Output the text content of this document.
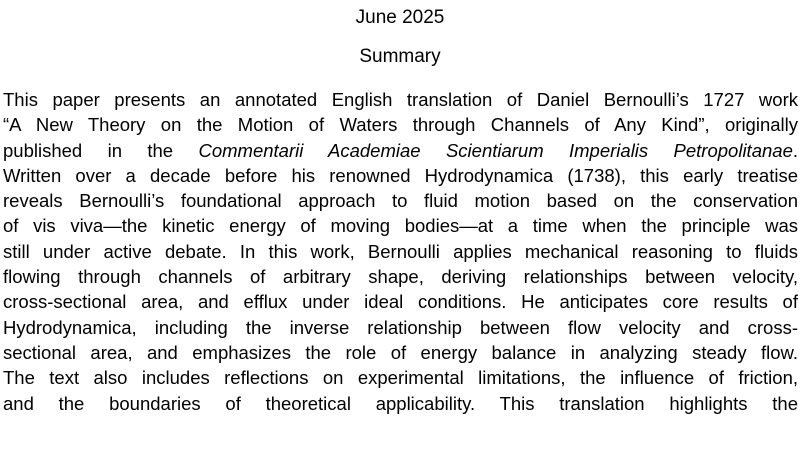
June 2025
Summary
This paper presents an annotated English translation of Daniel Bernoulli’s 1727 work
“A New Theory on the Motion of Waters through Channels of Any Kind”, originally
published in the Commentarii Academiae Scientiarum Imperialis Petropolitanae.
Written over a decade before his renowned Hydrodynamica (1738), this early treatise
reveals Bernoulli’s foundational approach to fluid motion based on the conservation
of vis viva—the kinetic energy of moving bodies—at a time when the principle was
still under active debate. In this work, Bernoulli applies mechanical reasoning to fluids
flowing through channels of arbitrary shape, deriving relationships between velocity,
cross-sectional area, and efflux under ideal conditions. He anticipates core results of
Hydrodynamica, including the inverse relationship between flow velocity and cross-
sectional area, and emphasizes the role of energy balance in analyzing steady flow.
The text also includes reflections on experimental limitations, the influence of friction,
and the boundaries of theoretical applicability. This translation highlights the
